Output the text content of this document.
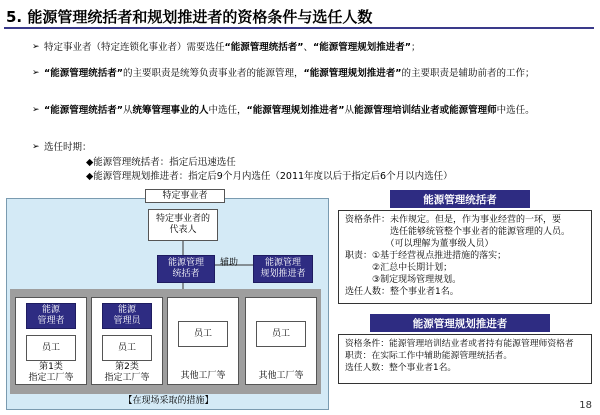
5. 能源管理统括者和规划推进者的资格条件与选任人数
➢ 特定事业者（特定连锁化事业者）需要选任“能源管理统括者”、“能源管理规划推进者”；
➢ “能源管理统括者”的主要职责是统筹负责事业者的能源管理，“能源管理规划推进者”的主要职责是辅助前者的工作；
➢ “能源管理统括者”从统筹管理事业的人中选任，“能源管理规划推进者”从能源管理培训结业者或能源管理师中选任。
➢ 选任时期：
◆能源管理统括者：指定后迅速选任
◆能源管理规划推进者：指定后9个月内选任（2011年度以后于指定后6个月以内选任）
特定事业者
特定事业者的
代表人
能源管理
统括者
辅助	能源管理
规划推进者
能源
管理者
员工
第1类
指定工厂等
能源
管理员
员工
第2类
指定工厂等
员工
其他工厂等
员工
其他工厂等
【在现场采取的措施】
能源管理统括者
资格条件：未作规定。但是，作为事业经营的一环，要
　　　　　选任能够统管整个事业者的能源管理的人员。
　　　　　（可以理解为董事级人员）
职责：①基于经营视点推进措施的落实；
　　　②汇总中长期计划；
　　　③制定现场管理规划。
选任人数：整个事业者1名。
能源管理规划推进者
资格条件：能源管理培训结业者或者持有能源管理师资格者
职责：在实际工作中辅助能源管理统括者。
选任人数：整个事业者1名。
18
